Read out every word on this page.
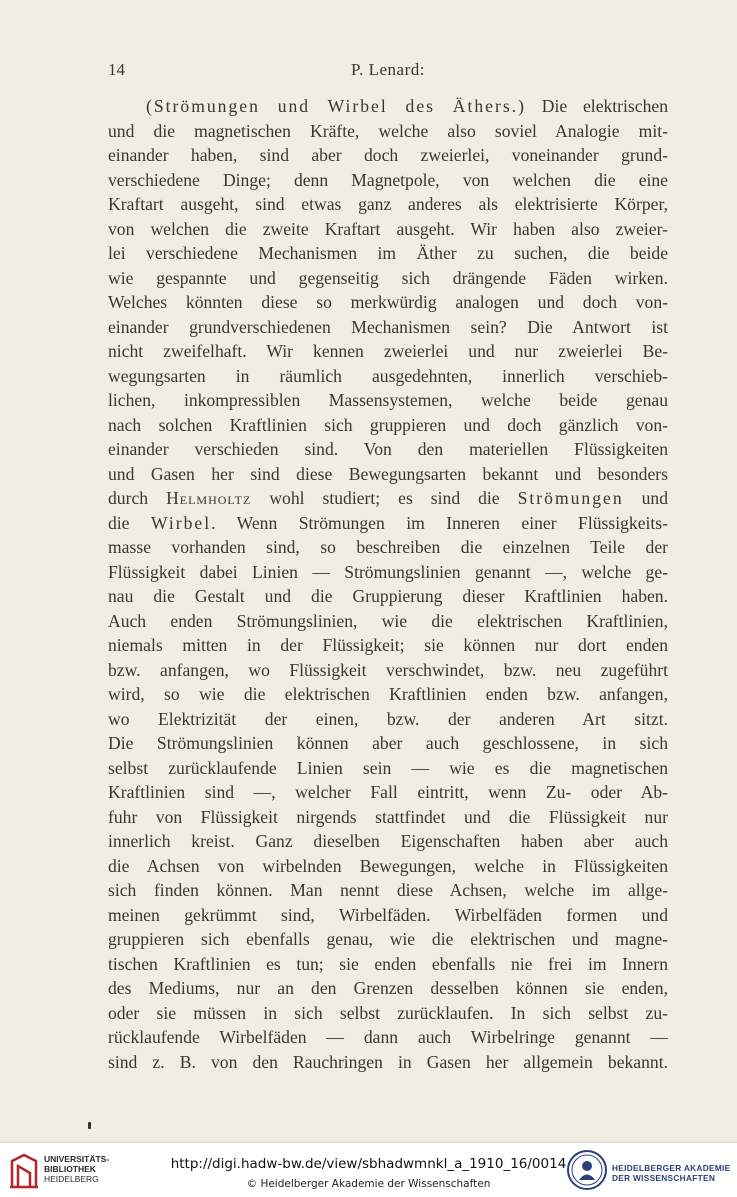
14	P. Lenard:
(Strömungen und Wirbel des Äthers.) Die elektrischen
und die magnetischen Kräfte, welche also soviel Analogie mit-
einander haben, sind aber doch zweierlei, voneinander grund-
verschiedene Dinge; denn Magnetpole, von welchen die eine
Kraftart ausgeht, sind etwas ganz anderes als elektrisierte Körper,
von welchen die zweite Kraftart ausgeht. Wir haben also zweier-
lei verschiedene Mechanismen im Äther zu suchen, die beide
wie gespannte und gegenseitig sich drängende Fäden wirken.
Welches könnten diese so merkwürdig analogen und doch von-
einander grundverschiedenen Mechanismen sein? Die Antwort ist
nicht zweifelhaft. Wir kennen zweierlei und nur zweierlei Be-
wegungsarten in räumlich ausgedehnten, innerlich verschieb-
lichen, inkompressiblen Massensystemen, welche beide genau
nach solchen Kraftlinien sich gruppieren und doch gänzlich von-
einander verschieden sind. Von den materiellen Flüssigkeiten
und Gasen her sind diese Bewegungsarten bekannt und besonders
durch Helmholtz wohl studiert; es sind die Strömungen und
die Wirbel. Wenn Strömungen im Inneren einer Flüssigkeits-
masse vorhanden sind, so beschreiben die einzelnen Teile der
Flüssigkeit dabei Linien — Strömungslinien genannt —, welche ge-
nau die Gestalt und die Gruppierung dieser Kraftlinien haben.
Auch enden Strömungslinien, wie die elektrischen Kraftlinien,
niemals mitten in der Flüssigkeit; sie können nur dort enden
bzw. anfangen, wo Flüssigkeit verschwindet, bzw. neu zugeführt
wird, so wie die elektrischen Kraftlinien enden bzw. anfangen,
wo Elektrizität der einen, bzw. der anderen Art sitzt.
Die Strömungslinien können aber auch geschlossene, in sich
selbst zurücklaufende Linien sein — wie es die magnetischen
Kraftlinien sind —, welcher Fall eintritt, wenn Zu- oder Ab-
fuhr von Flüssigkeit nirgends stattfindet und die Flüssigkeit nur
innerlich kreist. Ganz dieselben Eigenschaften haben aber auch
die Achsen von wirbelnden Bewegungen, welche in Flüssigkeiten
sich finden können. Man nennt diese Achsen, welche im allge-
meinen gekrümmt sind, Wirbelfäden. Wirbelfäden formen und
gruppieren sich ebenfalls genau, wie die elektrischen und magne-
tischen Kraftlinien es tun; sie enden ebenfalls nie frei im Innern
des Mediums, nur an den Grenzen desselben können sie enden,
oder sie müssen in sich selbst zurücklaufen. In sich selbst zu-
rücklaufende Wirbelfäden — dann auch Wirbelringe genannt —
sind z. B. von den Rauchringen in Gasen her allgemein bekannt.
UNIVERSITÄTS-
BIBLIOTHEK
HEIDELBERG
http://digi.hadw-bw.de/view/sbhadwmnkl_a_1910_16/0014
© Heidelberger Akademie der Wissenschaften
HEIDELBERGER AKADEMIE
DER WISSENSCHAFTEN
